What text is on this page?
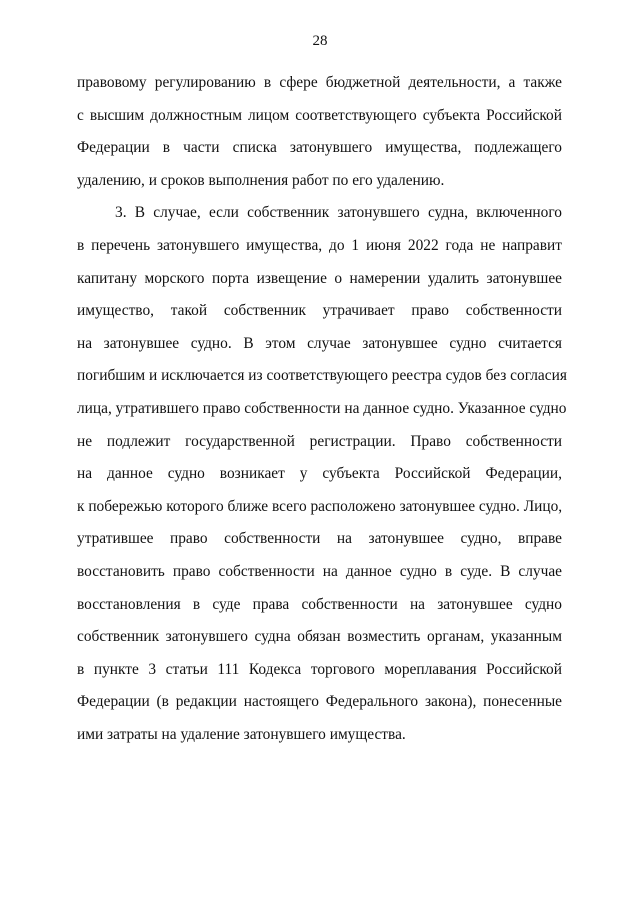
28
правовому регулированию в сфере бюджетной деятельности, а также
с высшим должностным лицом соответствующего субъекта Российской
Федерации в части списка затонувшего имущества, подлежащего
удалению, и сроков выполнения работ по его удалению.
3. В случае, если собственник затонувшего судна, включенного
в перечень затонувшего имущества, до 1 июня 2022 года не направит
капитану морского порта извещение о намерении удалить затонувшее
имущество, такой собственник утрачивает право собственности
на затонувшее судно. В этом случае затонувшее судно считается
погибшим и исключается из соответствующего реестра судов без согласия
лица, утратившего право собственности на данное судно. Указанное судно
не подлежит государственной регистрации. Право собственности
на данное судно возникает у субъекта Российской Федерации,
к побережью которого ближе всего расположено затонувшее судно. Лицо,
утратившее право собственности на затонувшее судно, вправе
восстановить право собственности на данное судно в суде. В случае
восстановления в суде права собственности на затонувшее судно
собственник затонувшего судна обязан возместить органам, указанным
в пункте 3 статьи 111 Кодекса торгового мореплавания Российской
Федерации (в редакции настоящего Федерального закона), понесенные
ими затраты на удаление затонувшего имущества.
